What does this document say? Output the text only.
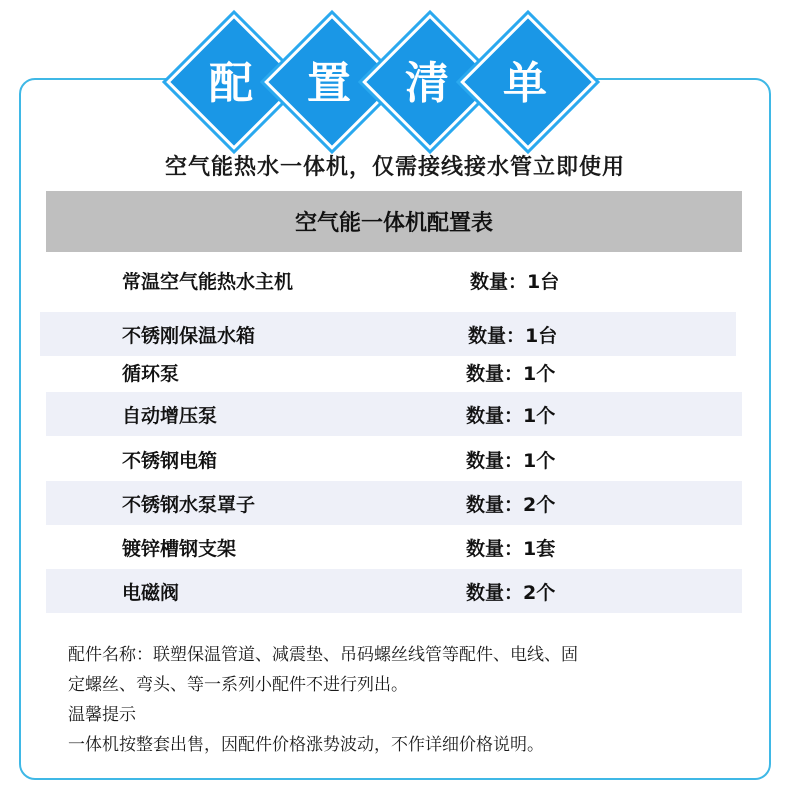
配	置	清	单
空气能热水一体机，仅需接线接水管立即使用
空气能一体机配置表
常温空气能热水主机	数量：1台
不锈刚保温水箱	数量：1台
循环泵	数量：1个
自动增压泵	数量：1个
不锈钢电箱	数量：1个
不锈钢水泵罩子	数量：2个
镀锌槽钢支架	数量：1套
电磁阀	数量：2个
配件名称：联塑保温管道、减震垫、吊码螺丝线管等配件、电线、固
定螺丝、弯头、等一系列小配件不进行列出。
温馨提示
一体机按整套出售，因配件价格涨势波动，不作详细价格说明。
